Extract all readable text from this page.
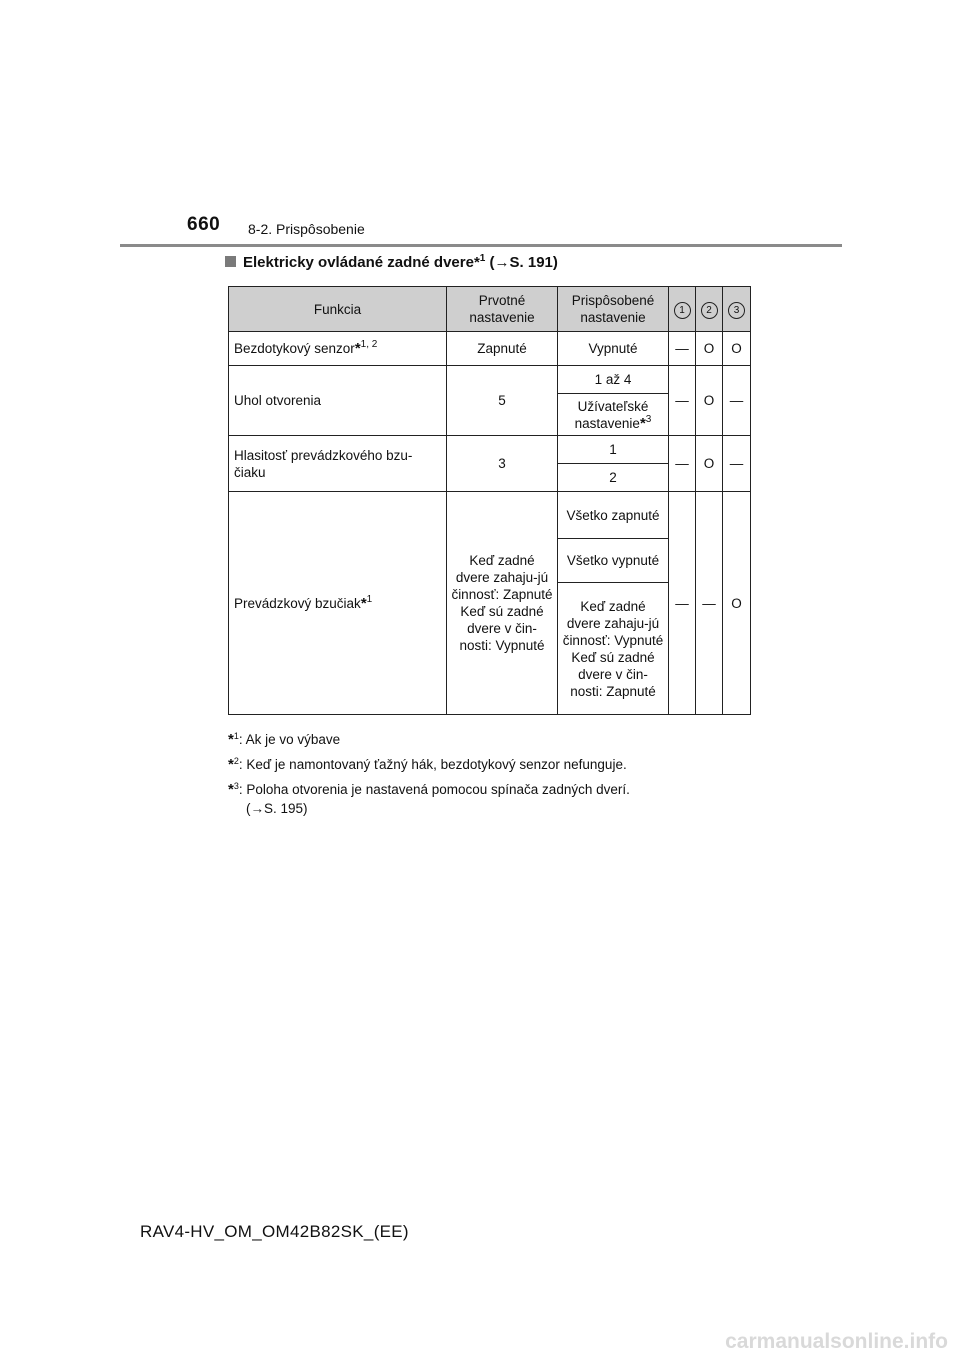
660 8-2. Prispôsobenie
Elektricky ovládané zadné dvere*$^1$ (→S. 191)
Funkcia	Prvotné nastavenie	Prispôsobené nastavenie	1	2	3
Bezdotykový senzor*$^{1, 2}$	Zapnuté	Vypnuté	—	O	O
Uhol otvorenia	5	1 až 4	—	O	—
		Užívateľské nastavenie*$^3$
Hlasitosť prevádzkového bzu-čiaku	3	1	—	O	—
		2			
Prevádzkový bzučiak*$^1$	Keď zadné dvere zahaju-jú činnosť: Zapnuté Keď sú zadné dvere v čin-nosti: Vypnuté	Všetko zapnuté	—	—	O
		Všetko vypnuté			
		Keď zadné dvere zahaju-jú činnosť: Vypnuté Keď sú zadné dvere v čin-nosti: Zapnuté			

*$^1$: Ak je vo výbave

*$^2$: Keď je namontovaný ťažný hák, bezdotykový senzor nefunguje.

*$^3$: Poloha otvorenia je nastavená pomocou spínača zadných dverí.
(→S. 195)

RAV4-HV_OM_OM42B82SK_(EE)
carmanualsonline.info
